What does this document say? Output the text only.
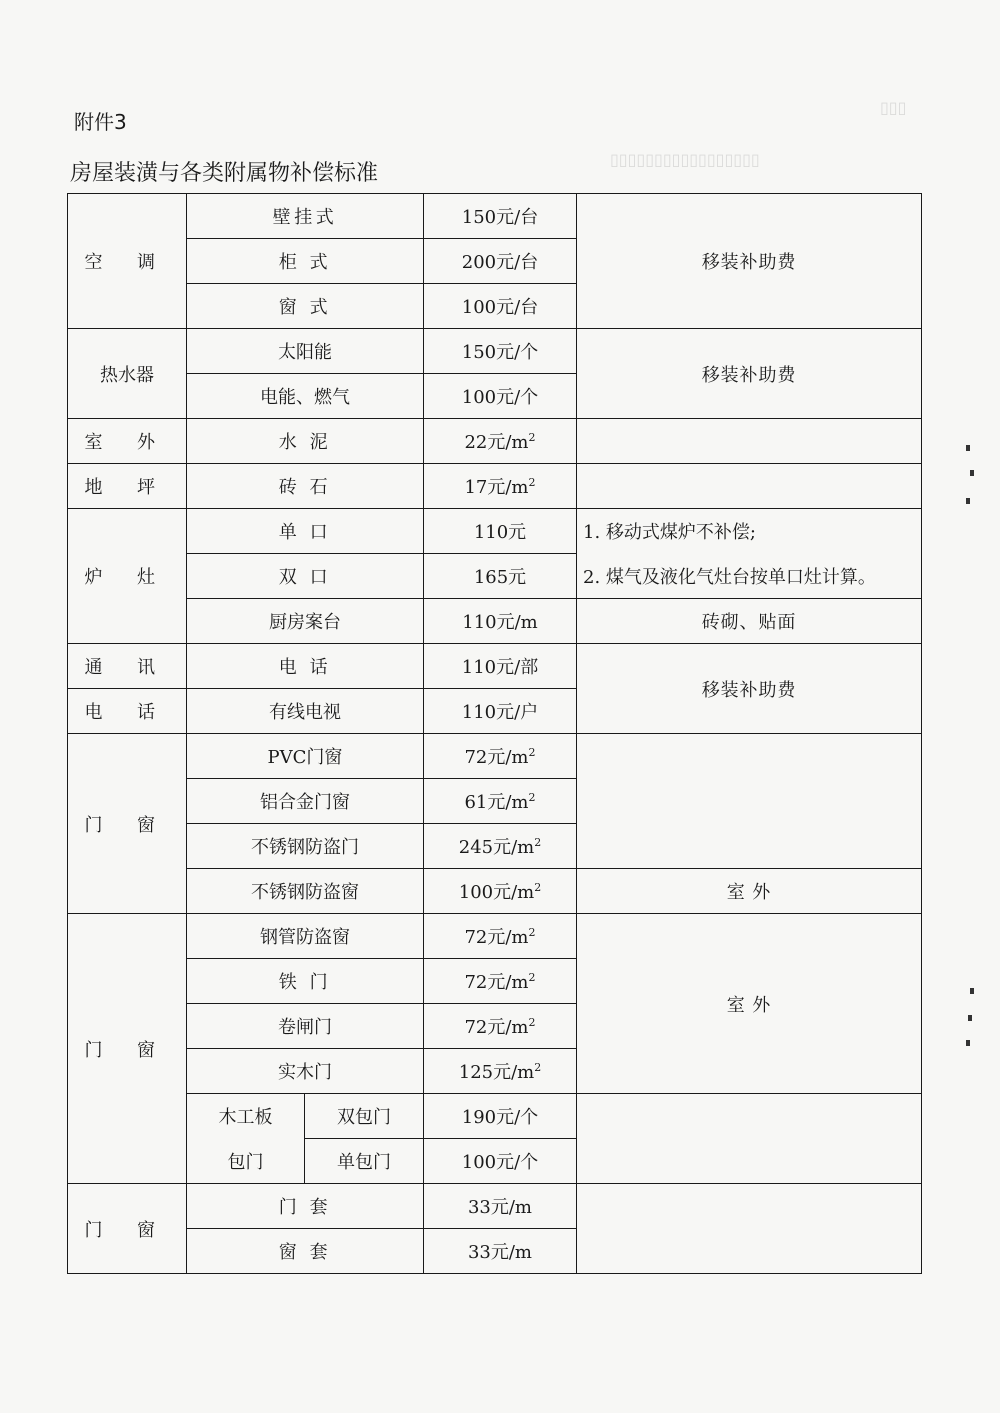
▯▯▯
▯▯▯▯▯▯▯▯▯▯▯▯▯▯▯▯▯
附件3
房屋装潢与各类附属物补偿标准
空 调	壁挂式		150元/台	移装补助费
	柜 式		200元/台	
	窗 式		100元/台	
热水器	太阳能		150元/个	移装补助费
	电能、燃气		100元/个	
室 外	水 泥		22元$/m^2$	
地 坪	砖 石		17元$/m^2$	
炉 灶	单 口		110元	1. 移动式煤炉不补偿;
	双 口		165元	2. 煤气及液化气灶台按单口灶计算。
	厨房案台		110元/m	砖砌、贴面
通 讯	电 话		110元/部	移装补助费
电 话	有线电视		110元/户	
门 窗	PVC门窗		72元$/m^2$	
	铝合金门窗		61元$/m^2$
	不锈钢防盗门		245元$/m^2$
	不锈钢防盗窗		100元$/m^2$	室 外
门 窗	钢管防盗窗		72元$/m^2$	室 外
	铁 门		72元$/m^2$
	卷闸门		72元$/m^2$
	实木门		125元$/m^2$
	木工板	双包门	190元/个	
	包门	单包门	100元/个	
门 窗	门 套		33元/m	
	窗 套		33元/m	
